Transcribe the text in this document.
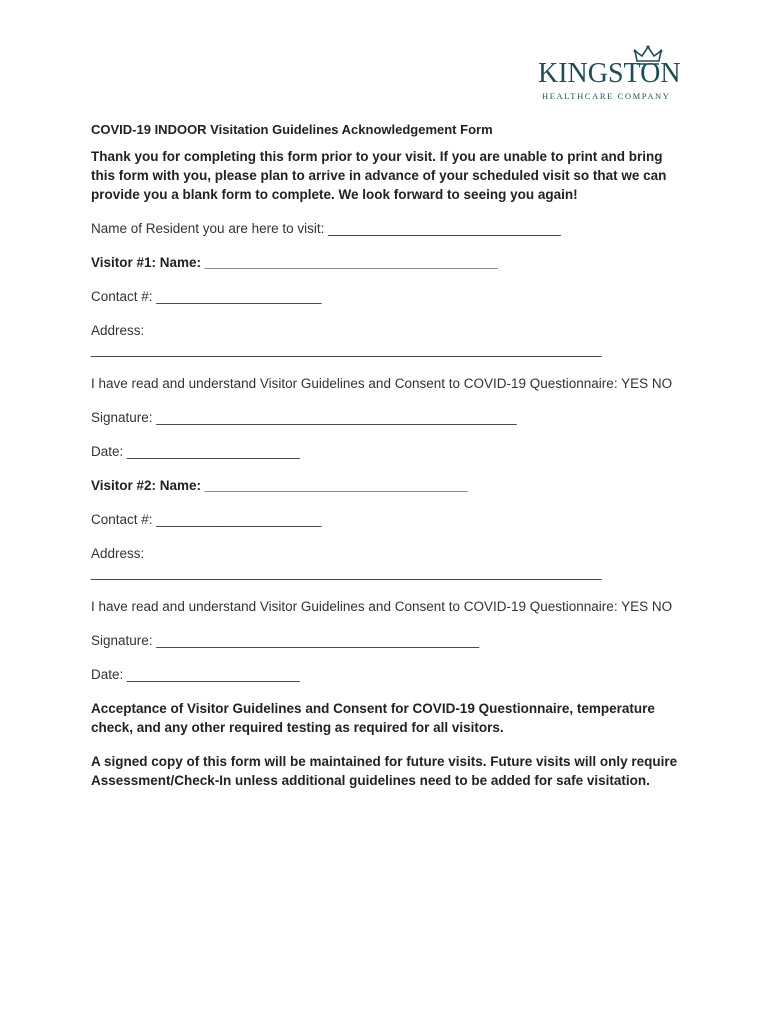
KINGSTON
HEALTHCARE COMPANY
COVID-19 INDOOR Visitation Guidelines Acknowledgement Form
Thank you for completing this form prior to your visit. If you are unable to print and bring this form with you, please plan to arrive in advance of your scheduled visit so that we can provide you a blank form to complete. We look forward to seeing you again!
Name of Resident you are here to visit: _______________________________
Visitor #1: Name: _______________________________________
Contact #: ______________________
Address:
____________________________________________________________________
I have read and understand Visitor Guidelines and Consent to COVID-19 Questionnaire: YES NO
Signature: ________________________________________________
Date: _______________________
Visitor #2: Name: ___________________________________
Contact #: ______________________
Address:
____________________________________________________________________
I have read and understand Visitor Guidelines and Consent to COVID-19 Questionnaire: YES NO
Signature: ___________________________________________
Date: _______________________
Acceptance of Visitor Guidelines and Consent for COVID-19 Questionnaire, temperature check, and any other required testing as required for all visitors.
A signed copy of this form will be maintained for future visits. Future visits will only require Assessment/Check-In unless additional guidelines need to be added for safe visitation.
